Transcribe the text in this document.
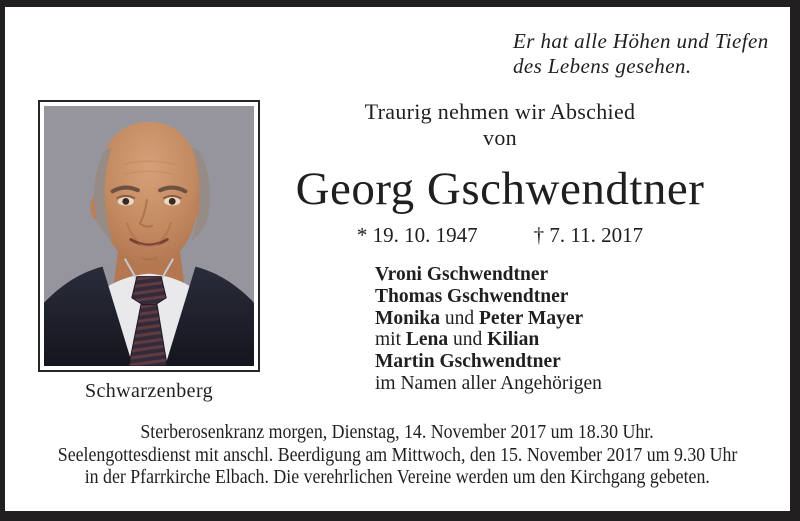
Er hat alle Höhen und Tiefen
des Lebens gesehen.
Schwarzenberg
Traurig nehmen wir Abschied
von
Georg Gschwendtner
* 19. 10. 1947	† 7. 11. 2017
Vroni Gschwendtner
Thomas Gschwendtner
Monika und Peter Mayer
mit Lena und Kilian
Martin Gschwendtner
im Namen aller Angehörigen
Sterberosenkranz morgen, Dienstag, 14. November 2017 um 18.30 Uhr.
Seelengottesdienst mit anschl. Beerdigung am Mittwoch, den 15. November 2017 um 9.30 Uhr
in der Pfarrkirche Elbach. Die verehrlichen Vereine werden um den Kirchgang gebeten.
